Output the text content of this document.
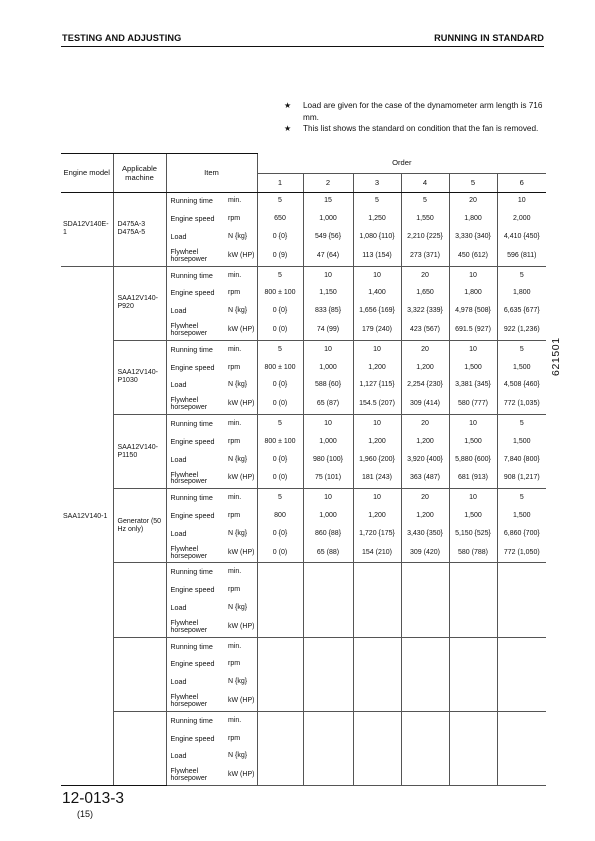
TESTING AND ADJUSTING	RUNNING IN STANDARD

★ Load are given for the case of the dynamometer arm length is 716 mm.

★ This list shows the standard on condition that the fan is removed.

Engine model	Applicable machine	Item		Order					
				1	2	3	4	5	6
SDA12V140E-1	D475A-3 D475A-5	Running time	min.	5	15	5	5	20	10
		Engine speed	rpm	650	1,000	1,250	1,550	1,800	2,000
		Load	N {kg}	0 {0}	549 {56}	1,080 {110}	2,210 {225}	3,330 {340}	4,410 {450}
		Flywheel horsepower	kW (HP)	0 (9)	47 (64)	113 (154)	273 (371)	450 (612)	596 (811)

SAA12V140-1	SAA12V140- P920	Running time	min.	5	10	10	20	10	5
		Engine speed	rpm	800 ± 100	1,150	1,400	1,650	1,800	1,800
		Load	N {kg}	0 {0}	833 {85}	1,656 {169}	3,322 {339}	4,978 {508}	6,635 {677}
		Flywheel horsepower	kW (HP)	0 (0)	74 (99)	179 (240)	423 (567)	691.5 (927)	922 (1,236)
	SAA12V140- P1030	Running time	min.	5	10	10	20	10	5
		Engine speed	rpm	800 ± 100	1,000	1,200	1,200	1,500	1,500
		Load	N {kg}	0 {0}	588 {60}	1,127 {115}	2,254 {230}	3,381 {345}	4,508 {460}
		Flywheel horsepower	kW (HP)	0 (0)	65 (87)	154.5 (207)	309 (414)	580 (777)	772 (1,035)
	SAA12V140- P1150	Running time	min.	5	10	10	20	10	5
		Engine speed	rpm	800 ± 100	1,000	1,200	1,200	1,500	1,500
		Load	N {kg}	0 {0}	980 {100}	1,960 {200}	3,920 {400}	5,880 {600}	7,840 {800}
		Flywheel horsepower	kW (HP)	0 (0)	75 (101)	181 (243)	363 (487)	681 (913)	908 (1,217)
	Generator (50 Hz only)	Running time	min.	5	10	10	20	10	5
		Engine speed	rpm	800	1,000	1,200	1,200	1,500	1,500
		Load	N {kg}	0 {0}	860 {88}	1,720 {175}	3,430 {350}	5,150 {525}	6,860 {700}
		Flywheel horsepower	kW (HP)	0 (0)	65 (88)	154 (210)	309 (420)	580 (788)	772 (1,050)
		Running time	min.						
		Engine speed	rpm						
		Load	N {kg}						
		Flywheel horsepower	kW (HP)						
		Running time	min.						
		Engine speed	rpm						
		Load	N {kg}						
		Flywheel horsepower	kW (HP)						
		Running time	min.						
		Engine speed	rpm						
		Load	N {kg}						
		Flywheel horsepower	kW (HP)						
621501
12-013-3
(15)
